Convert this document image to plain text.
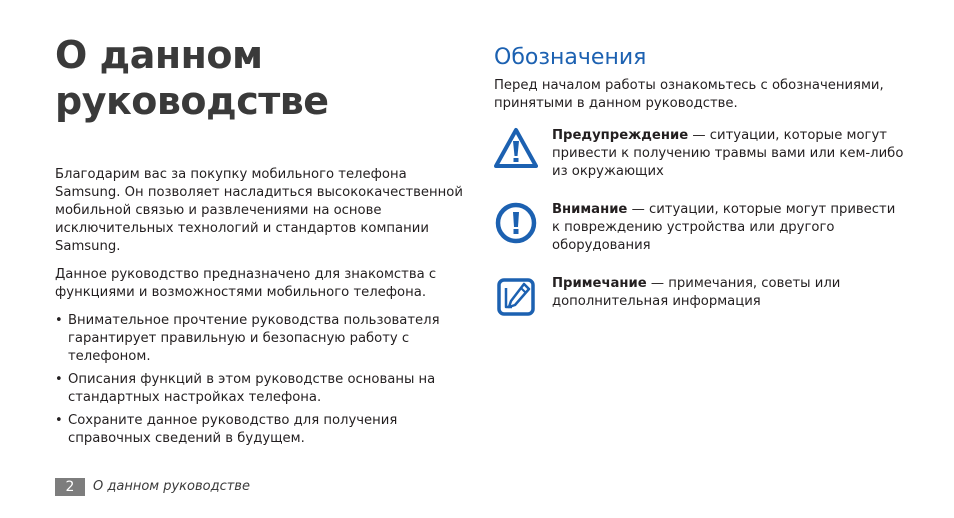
О данном
руководстве

Благодарим вас за покупку мобильного телефона Samsung. Он позволяет насладиться высококачественной мобильной связью и развлечениями на основе исключительных технологий и стандартов компании Samsung.

Данное руководство предназначено для знакомства с функциями и возможностями мобильного телефона.

• Внимательное прочтение руководства пользователя гарантирует правильную и безопасную работу с телефоном.
• Описания функций в этом руководстве основаны на стандартных настройках телефона.
• Сохраните данное руководство для получения справочных сведений в будущем.
Обозначения

Перед началом работы ознакомьтесь с обозначениями, принятыми в данном руководстве.

Предупреждение — ситуации, которые могут привести к получению травмы вами или кем-либо из окружающих
Внимание — ситуации, которые могут привести к повреждению устройства или другого оборудования
Примечание — примечания, советы или дополнительная информация
2 О данном руководстве
